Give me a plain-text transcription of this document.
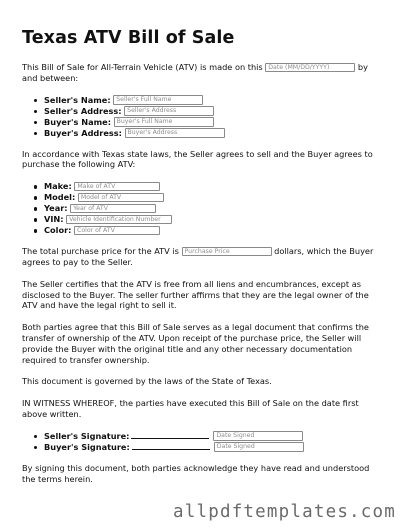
Texas ATV Bill of Sale

This Bill of Sale for All-Terrain Vehicle (ATV) is made on this Date (MM/DD/YYYY)	by and between:

Seller's Name: Seller's Full Name
Seller's Address: Seller's Address
Buyer's Name: Buyer's Full Name
Buyer's Address: Buyer's Address

In accordance with Texas state laws, the Seller agrees to sell and the Buyer agrees to purchase the following ATV:

Make: Make of ATV
Model: Model of ATV
Year: Year of ATV
VIN: Vehicle Identification Number
Color: Color of ATV

The total purchase price for the ATV is Purchase Price	dollars, which the Buyer agrees to pay to the Seller.

The Seller certifies that the ATV is free from all liens and encumbrances, except as disclosed to the Buyer. The seller further affirms that they are the legal owner of the ATV and have the legal right to sell it.

Both parties agree that this Bill of Sale serves as a legal document that confirms the transfer of ownership of the ATV. Upon receipt of the purchase price, the Seller will provide the Buyer with the original title and any other necessary documentation required to transfer ownership.

This document is governed by the laws of the State of Texas.

IN WITNESS WHEREOF, the parties have executed this Bill of Sale on the date first above written.

Seller's Signature:	Date Signed
Buyer's Signature:	Date Signed

By signing this document, both parties acknowledge they have read and understood the terms herein.

allpdftemplates.com
